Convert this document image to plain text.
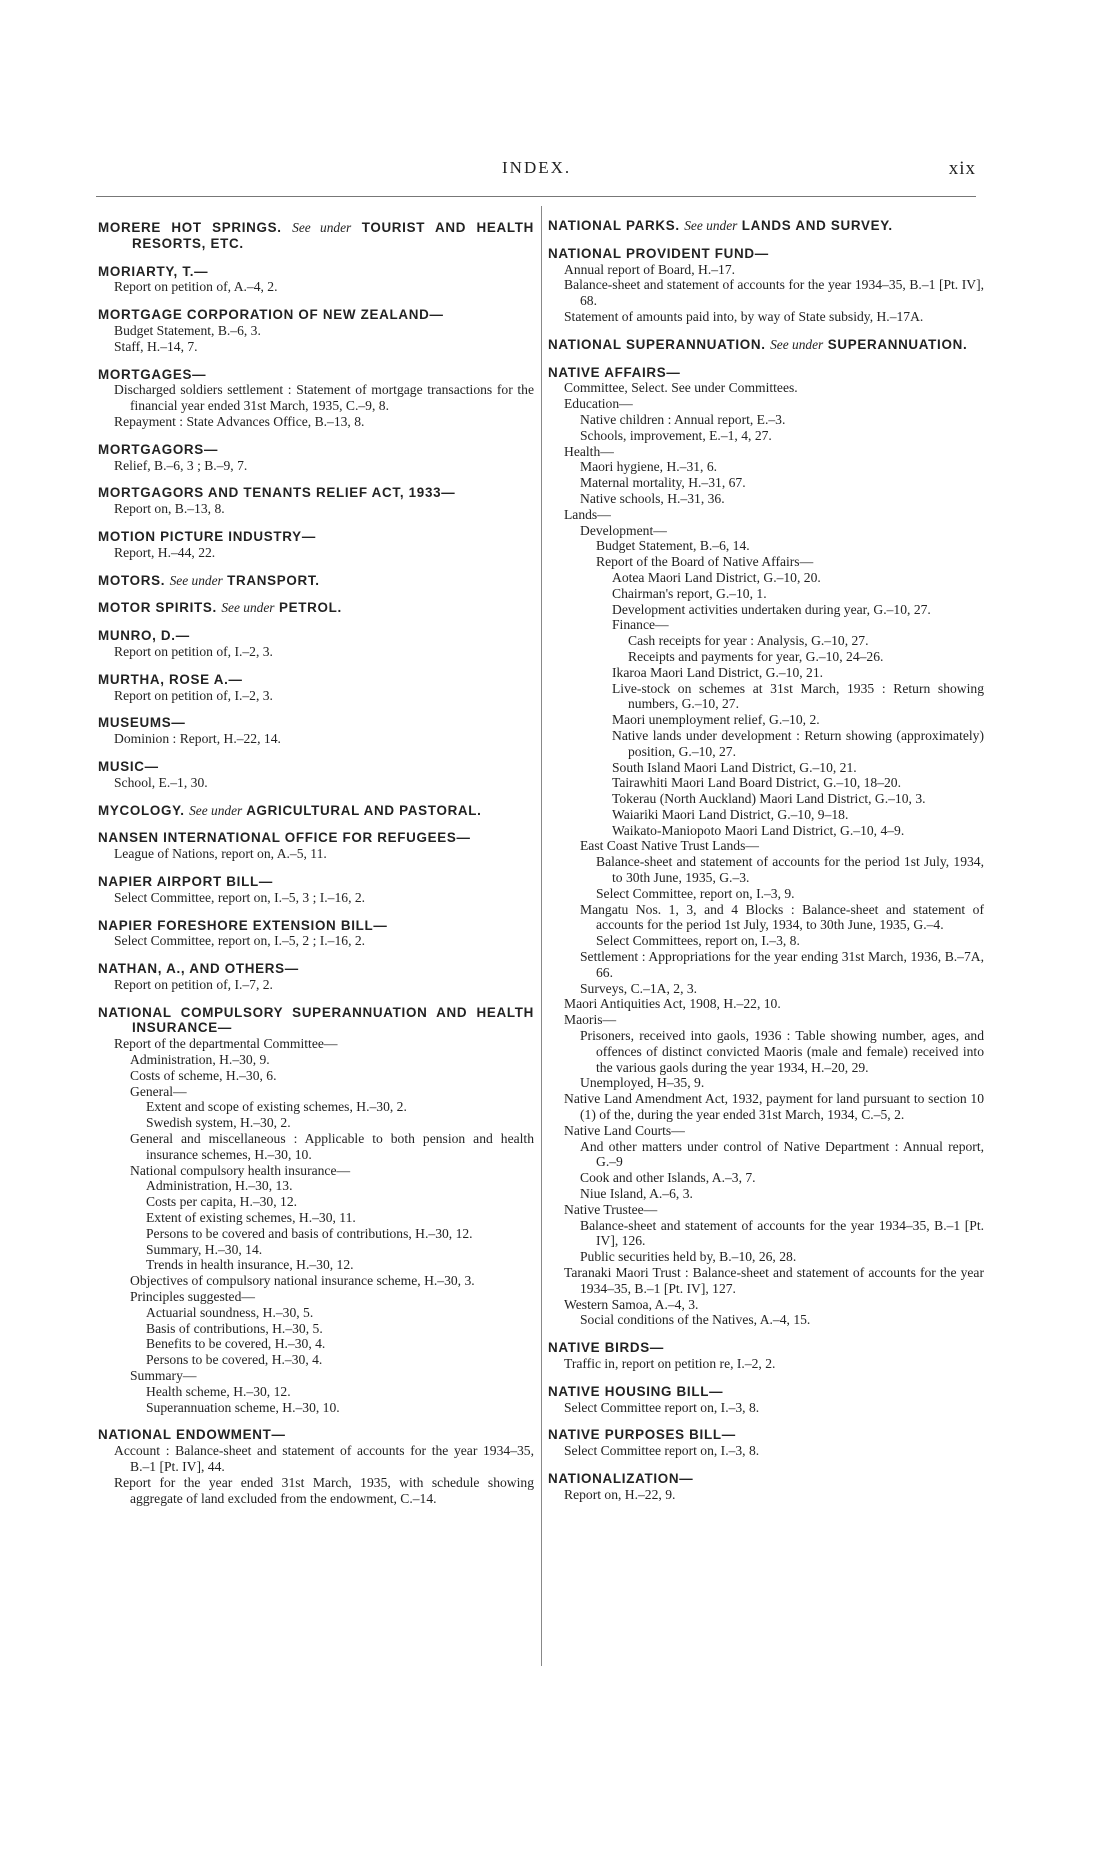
INDEX.	xix
MORERE HOT SPRINGS. See under TOURIST AND HEALTH RESORTS, ETC.
MORIARTY, T.—
Report on petition of, A.–4, 2.
MORTGAGE CORPORATION OF NEW ZEALAND—
Budget Statement, B.–6, 3.
Staff, H.–14, 7.
MORTGAGES—
Discharged soldiers settlement : Statement of mortgage transactions for the financial year ended 31st March, 1935, C.–9, 8.
Repayment : State Advances Office, B.–13, 8.
MORTGAGORS—
Relief, B.–6, 3 ; B.–9, 7.
MORTGAGORS AND TENANTS RELIEF ACT, 1933—
Report on, B.–13, 8.
MOTION PICTURE INDUSTRY—
Report, H.–44, 22.
MOTORS. See under TRANSPORT.
MOTOR SPIRITS. See under PETROL.
MUNRO, D.—
Report on petition of, I.–2, 3.
MURTHA, ROSE A.—
Report on petition of, I.–2, 3.
MUSEUMS—
Dominion : Report, H.–22, 14.
MUSIC—
School, E.–1, 30.
MYCOLOGY. See under AGRICULTURAL AND PASTORAL.
NANSEN INTERNATIONAL OFFICE FOR REFUGEES—
League of Nations, report on, A.–5, 11.
NAPIER AIRPORT BILL—
Select Committee, report on, I.–5, 3 ; I.–16, 2.
NAPIER FORESHORE EXTENSION BILL—
Select Committee, report on, I.–5, 2 ; I.–16, 2.
NATHAN, A., AND OTHERS—
Report on petition of, I.–7, 2.
NATIONAL COMPULSORY SUPERANNUATION AND HEALTH INSURANCE—
Report of the departmental Committee—
Administration, H.–30, 9.
Costs of scheme, H.–30, 6.
General—
Extent and scope of existing schemes, H.–30, 2.
Swedish system, H.–30, 2.
General and miscellaneous : Applicable to both pension and health insurance schemes, H.–30, 10.
National compulsory health insurance—
Administration, H.–30, 13.
Costs per capita, H.–30, 12.
Extent of existing schemes, H.–30, 11.
Persons to be covered and basis of contributions, H.–30, 12.
Summary, H.–30, 14.
Trends in health insurance, H.–30, 12.
Objectives of compulsory national insurance scheme, H.–30, 3.
Principles suggested—
Actuarial soundness, H.–30, 5.
Basis of contributions, H.–30, 5.
Benefits to be covered, H.–30, 4.
Persons to be covered, H.–30, 4.
Summary—
Health scheme, H.–30, 12.
Superannuation scheme, H.–30, 10.
NATIONAL ENDOWMENT—
Account : Balance-sheet and statement of accounts for the year 1934–35, B.–1 [Pt. IV], 44.
Report for the year ended 31st March, 1935, with schedule showing aggregate of land excluded from the endowment, C.–14.
NATIONAL PARKS. See under LANDS AND SURVEY.
NATIONAL PROVIDENT FUND—
Annual report of Board, H.–17.
Balance-sheet and statement of accounts for the year 1934–35, B.–1 [Pt. IV], 68.
Statement of amounts paid into, by way of State subsidy, H.–17A.
NATIONAL SUPERANNUATION. See under SUPERANNUATION.
NATIVE AFFAIRS—
Committee, Select. See under Committees.
Education—
Native children : Annual report, E.–3.
Schools, improvement, E.–1, 4, 27.
Health—
Maori hygiene, H.–31, 6.
Maternal mortality, H.–31, 67.
Native schools, H.–31, 36.
Lands—
Development—
Budget Statement, B.–6, 14.
Report of the Board of Native Affairs—
Aotea Maori Land District, G.–10, 20.
Chairman's report, G.–10, 1.
Development activities undertaken during year, G.–10, 27.
Finance—
Cash receipts for year : Analysis, G.–10, 27.
Receipts and payments for year, G.–10, 24–26.
Ikaroa Maori Land District, G.–10, 21.
Live-stock on schemes at 31st March, 1935 : Return showing numbers, G.–10, 27.
Maori unemployment relief, G.–10, 2.
Native lands under development : Return showing (approximately) position, G.–10, 27.
South Island Maori Land District, G.–10, 21.
Tairawhiti Maori Land Board District, G.–10, 18–20.
Tokerau (North Auckland) Maori Land District, G.–10, 3.
Waiariki Maori Land District, G.–10, 9–18.
Waikato-Maniopoto Maori Land District, G.–10, 4–9.
East Coast Native Trust Lands—
Balance-sheet and statement of accounts for the period 1st July, 1934, to 30th June, 1935, G.–3.
Select Committee, report on, I.–3, 9.
Mangatu Nos. 1, 3, and 4 Blocks : Balance-sheet and statement of accounts for the period 1st July, 1934, to 30th June, 1935, G.–4.
Select Committees, report on, I.–3, 8.
Settlement : Appropriations for the year ending 31st March, 1936, B.–7A, 66.
Surveys, C.–1A, 2, 3.
Maori Antiquities Act, 1908, H.–22, 10.
Maoris—
Prisoners, received into gaols, 1936 : Table showing number, ages, and offences of distinct convicted Maoris (male and female) received into the various gaols during the year 1934, H.–20, 29.
Unemployed, H–35, 9.
Native Land Amendment Act, 1932, payment for land pursuant to section 10 (1) of the, during the year ended 31st March, 1934, C.–5, 2.
Native Land Courts—
And other matters under control of Native Department : Annual report, G.–9
Cook and other Islands, A.–3, 7.
Niue Island, A.–6, 3.
Native Trustee—
Balance-sheet and statement of accounts for the year 1934–35, B.–1 [Pt. IV], 126.
Public securities held by, B.–10, 26, 28.
Taranaki Maori Trust : Balance-sheet and statement of accounts for the year 1934–35, B.–1 [Pt. IV], 127.
Western Samoa, A.–4, 3.
Social conditions of the Natives, A.–4, 15.
NATIVE BIRDS—
Traffic in, report on petition re, I.–2, 2.
NATIVE HOUSING BILL—
Select Committee report on, I.–3, 8.
NATIVE PURPOSES BILL—
Select Committee report on, I.–3, 8.
NATIONALIZATION—
Report on, H.–22, 9.
